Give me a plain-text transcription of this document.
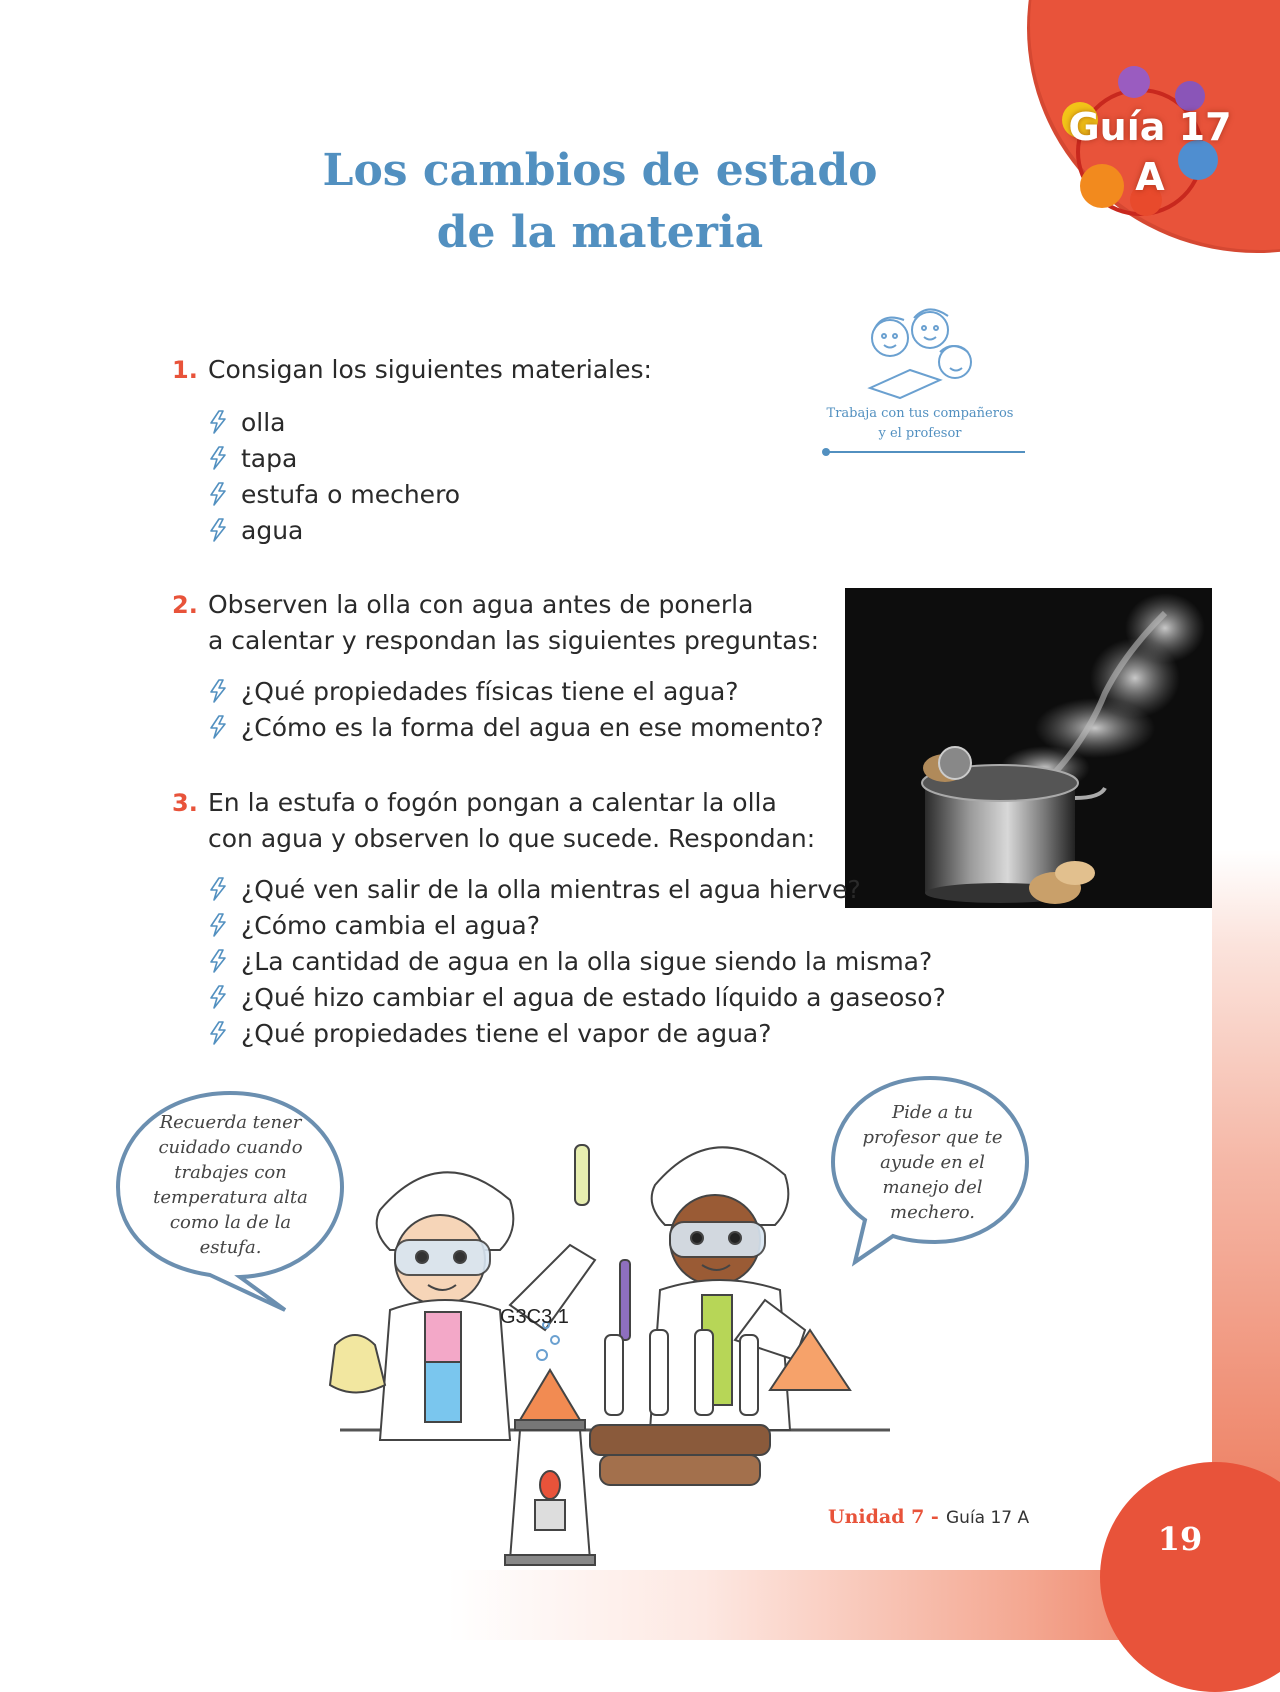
Guía 17
A
Los cambios de estado
de la materia
Trabaja con tus compañeros
y el profesor
1. Consigan los siguientes materiales:
olla
tapa
estufa o mechero
agua
2. Observen la olla con agua antes de ponerla
a calentar y respondan las siguientes preguntas:
¿Qué propiedades físicas tiene el agua?
¿Cómo es la forma del agua en ese momento?
3. En la estufa o fogón pongan a calentar la olla
con agua y observen lo que sucede. Respondan:
¿Qué ven salir de la olla mientras el agua hierve?
¿Cómo cambia el agua?
¿La cantidad de agua en la olla sigue siendo la misma?
¿Qué hizo cambiar el agua de estado líquido a gaseoso?
¿Qué propiedades tiene el vapor de agua?
Recuerda tener
cuidado cuando
trabajes con
temperatura alta
como la de la
estufa.
Pide a tu
profesor que te
ayude en el
manejo del
mechero.
G3C3.1
Unidad 7 - Guía 17 A
19
